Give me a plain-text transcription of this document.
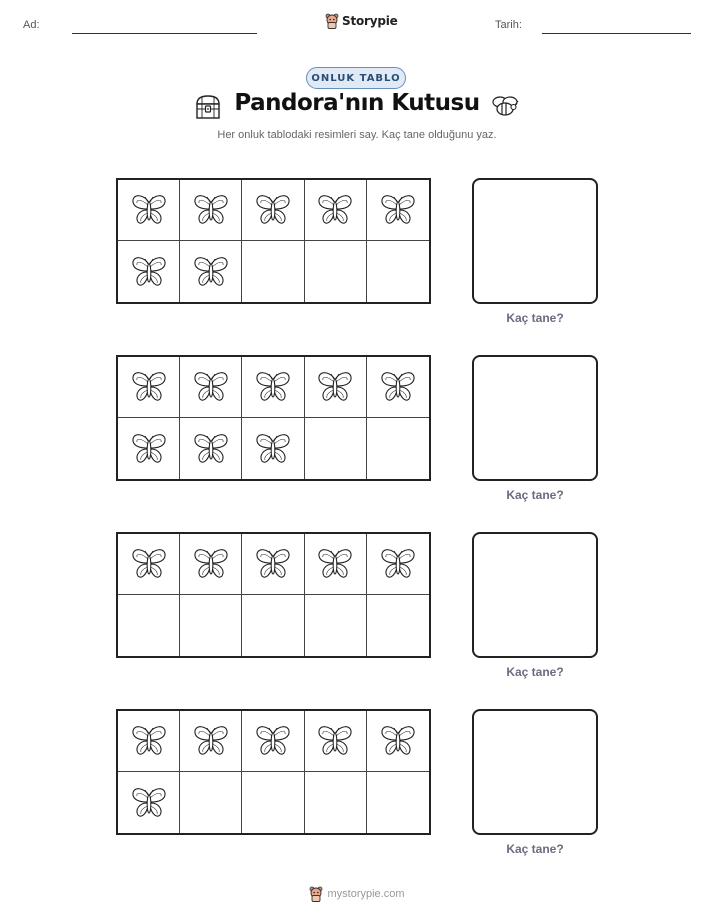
Ad:	Storypie	Tarih:
ONLUK TABLO
Pandora'nın Kutusu
Her onluk tablodaki resimleri say. Kaç tane olduğunu yaz.
Kaç tane?
Kaç tane?
Kaç tane?
Kaç tane?
mystorypie.com
